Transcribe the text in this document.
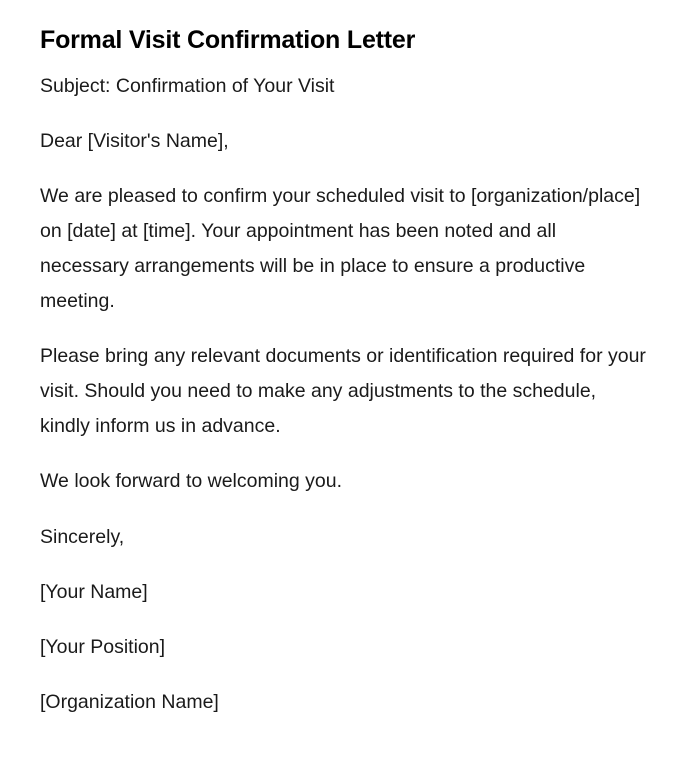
Formal Visit Confirmation Letter

Subject: Confirmation of Your Visit

Dear [Visitor's Name],

We are pleased to confirm your scheduled visit to [organization/place] on [date] at [time]. Your appointment has been noted and all necessary arrangements will be in place to ensure a productive meeting.

Please bring any relevant documents or identification required for your visit. Should you need to make any adjustments to the schedule, kindly inform us in advance.

We look forward to welcoming you.

Sincerely,

[Your Name]

[Your Position]

[Organization Name]
